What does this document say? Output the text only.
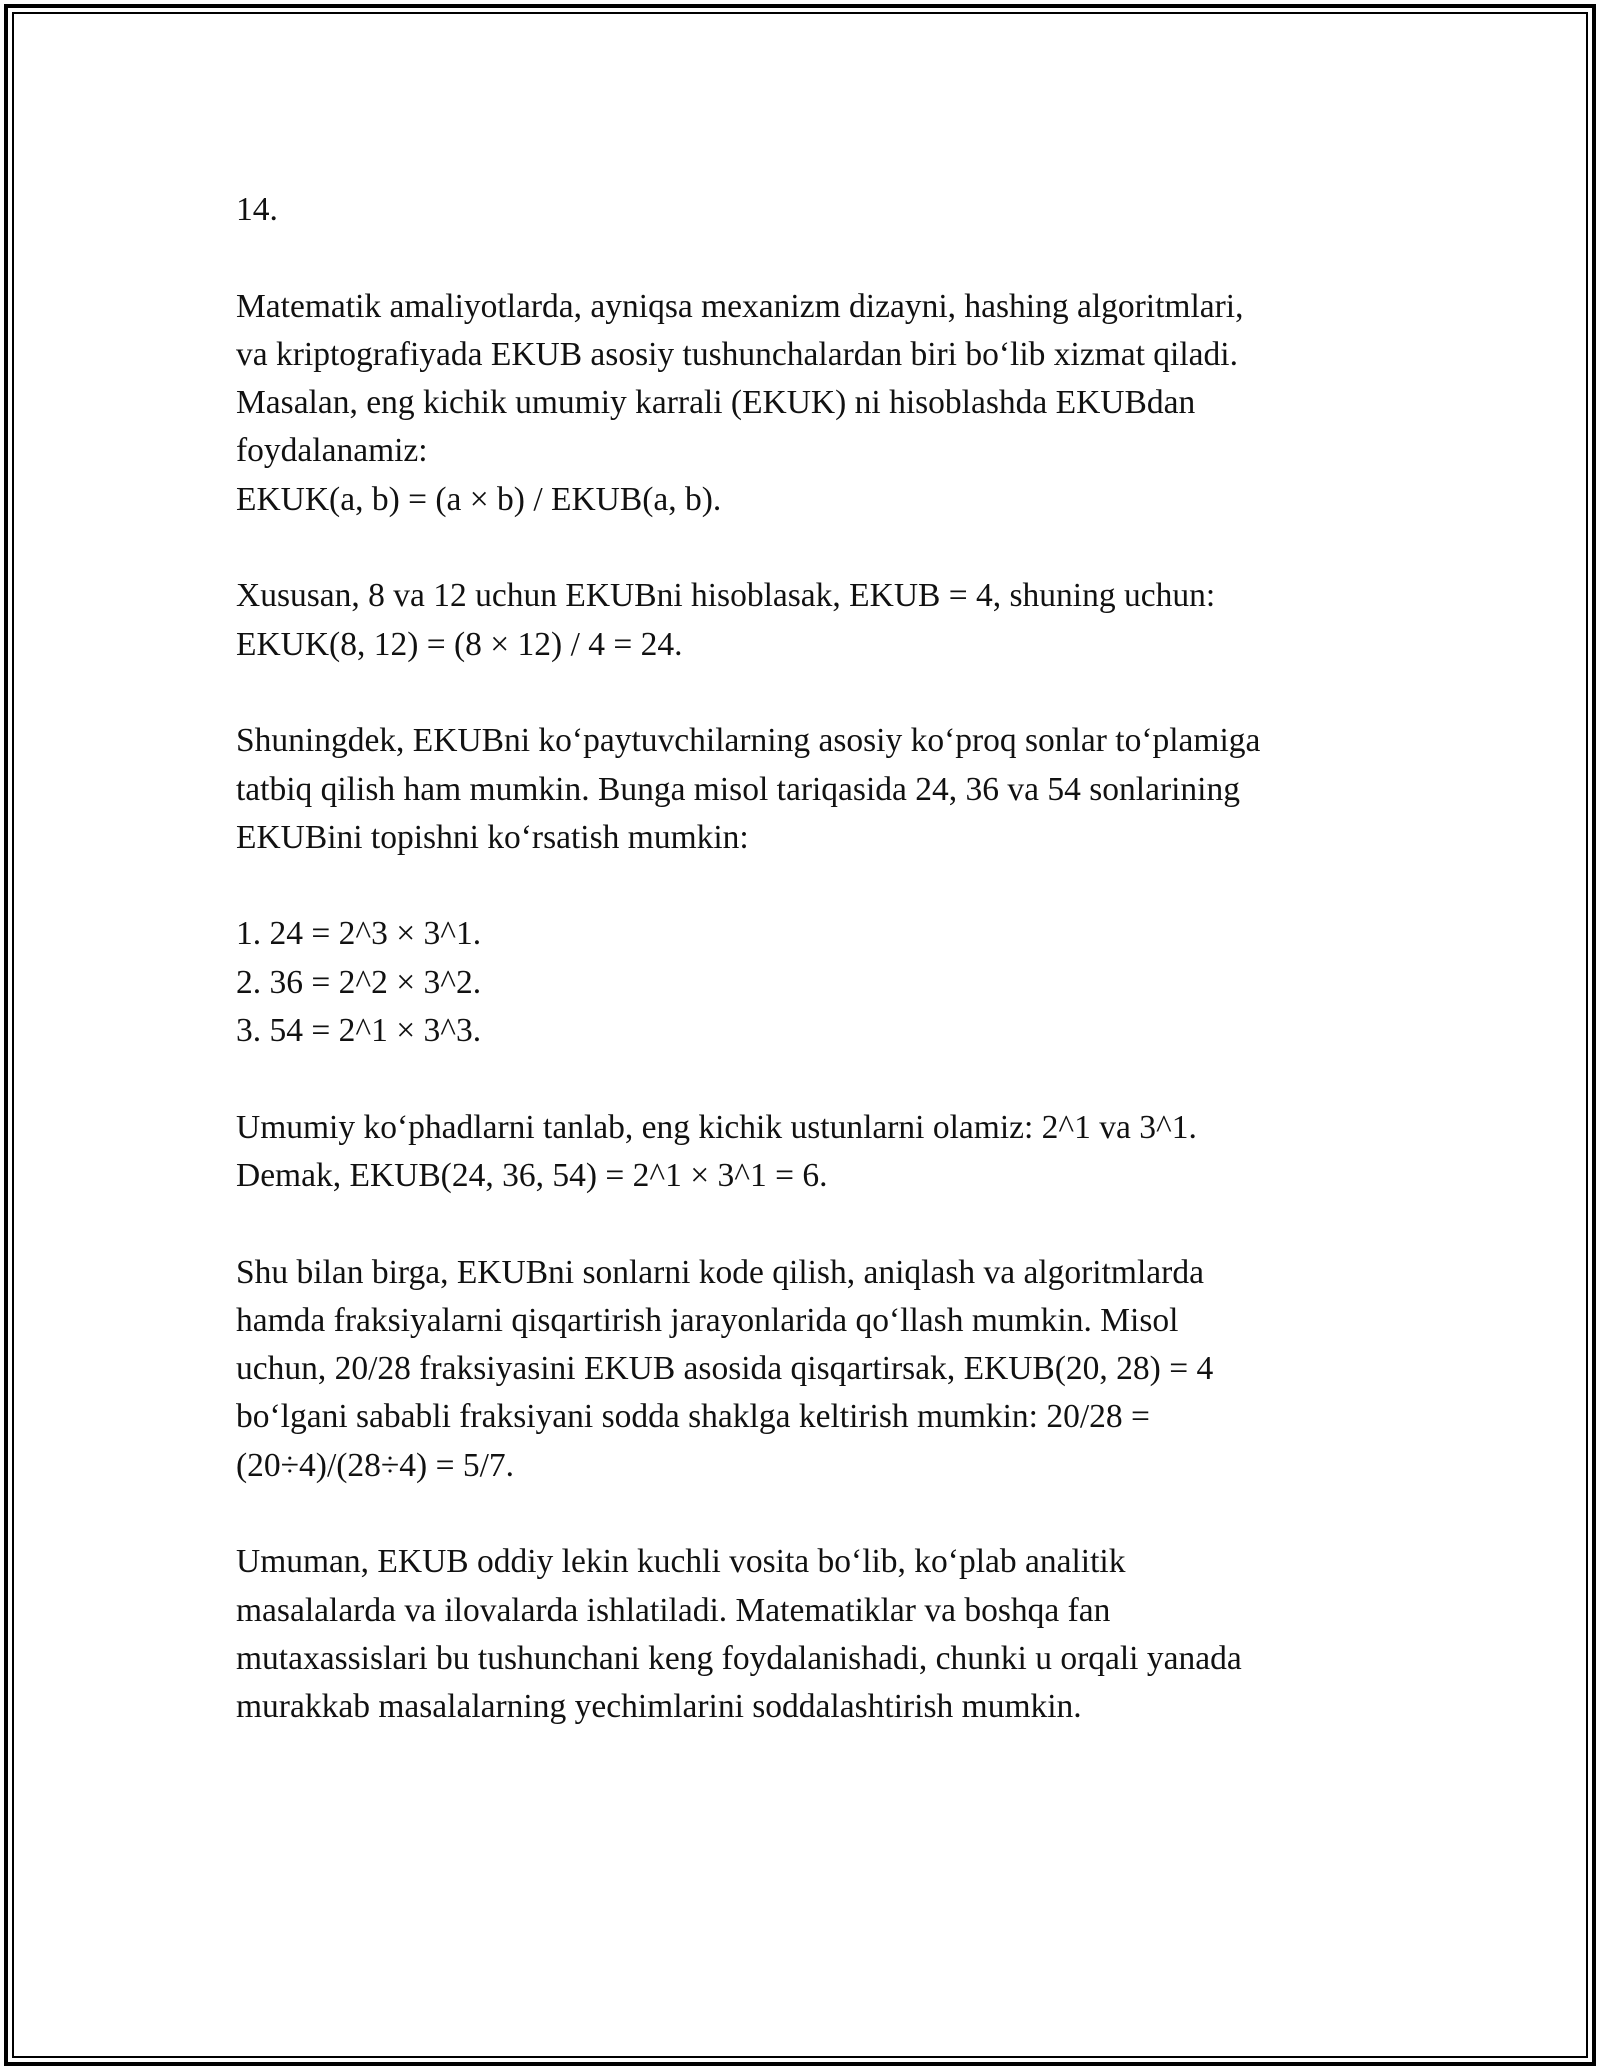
14.
Matematik amaliyotlarda, ayniqsa mexanizm dizayni, hashing algoritmlari,
va kriptografiyada EKUB asosiy tushunchalardan biri bo‘lib xizmat qiladi.
Masalan, eng kichik umumiy karrali (EKUK) ni hisoblashda EKUBdan
foydalanamiz:
EKUK(a, b) = (a × b) / EKUB(a, b).
Xususan, 8 va 12 uchun EKUBni hisoblasak, EKUB = 4, shuning uchun:
EKUK(8, 12) = (8 × 12) / 4 = 24.
Shuningdek, EKUBni ko‘paytuvchilarning asosiy ko‘proq sonlar to‘plamiga
tatbiq qilish ham mumkin. Bunga misol tariqasida 24, 36 va 54 sonlarining
EKUBini topishni ko‘rsatish mumkin:
1. 24 = 2^3 × 3^1.
2. 36 = 2^2 × 3^2.
3. 54 = 2^1 × 3^3.
Umumiy ko‘phadlarni tanlab, eng kichik ustunlarni olamiz: 2^1 va 3^1.
Demak, EKUB(24, 36, 54) = 2^1 × 3^1 = 6.
Shu bilan birga, EKUBni sonlarni kode qilish, aniqlash va algoritmlarda
hamda fraksiyalarni qisqartirish jarayonlarida qo‘llash mumkin. Misol
uchun, 20/28 fraksiyasini EKUB asosida qisqartirsak, EKUB(20, 28) = 4
bo‘lgani sababli fraksiyani sodda shaklga keltirish mumkin: 20/28 =
(20÷4)/(28÷4) = 5/7.
Umuman, EKUB oddiy lekin kuchli vosita bo‘lib, ko‘plab analitik
masalalarda va ilovalarda ishlatiladi. Matematiklar va boshqa fan
mutaxassislari bu tushunchani keng foydalanishadi, chunki u orqali yanada
murakkab masalalarning yechimlarini soddalashtirish mumkin.
